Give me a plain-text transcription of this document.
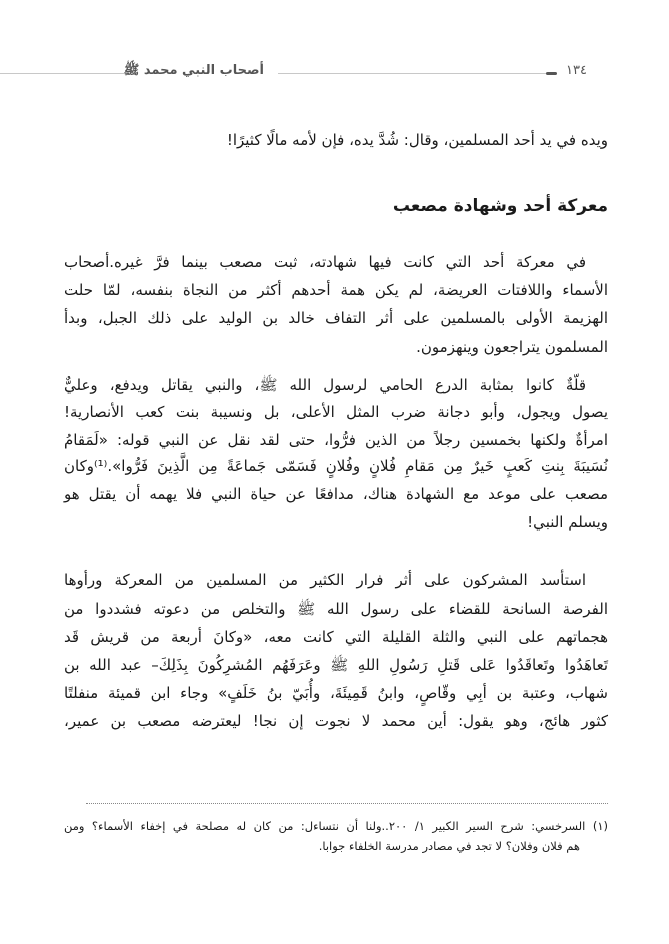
أصحاب النبي محمد ﷺ	١٣٤
ويده في يد أحد المسلمين، وقال: شُدَّ يده، فإن لأمه مالًا كثيرًا!
معركة أحد وشهادة مصعب
في معركة أحد التي كانت فيها شهادته، ثبت مصعب بينما فرَّ غيره.أصحاب
الأسماء واللافتات العريضة، لم يكن همة أحدهم أكثر من النجاة بنفسه، لمّا حلت
الهزيمة الأولى بالمسلمين على أثر التفاف خالد بن الوليد على ذلك الجبل، وبدأ
المسلمون يتراجعون وينهزمون.
قلّةٌ كانوا بمثابة الدرع الحامي لرسول الله ﷺ، والنبي يقاتل ويدفع، وعليٌّ
يصول ويجول، وأبو دجانة ضرب المثل الأعلى، بل ونسيبة بنت كعب الأنصارية!
امرأةٌ ولكنها بخمسين رجلاً من الذين فرُّوا، حتى لقد نقل عن النبي قوله: «لَمَقامُ
نُسَيبَةَ بِنتِ كَعبٍ خَيرٌ مِن مَقامِ فُلانٍ وفُلانٍ فَسَمّى جَماعَةً مِن الَّذِينَ فَرُّوا».⁽¹⁾وكان
مصعب على موعد مع الشهادة هناك، مدافعًا عن حياة النبي فلا يهمه أن يقتل هو
ويسلم النبي!
استأسد المشركون على أثر فرار الكثير من المسلمين من المعركة ورأوها
الفرصة السانحة للقضاء على رسول الله ﷺ والتخلص من دعوته فشددوا من
هجماتهم على النبي والثلة القليلة التي كانت معه، «وكانَ أربعة من قريش قَد
تَعاهَدُوا وتَعاقَدُوا عَلى قَتلِ رَسُولِ اللهِ ﷺ وعَرَفَهُم المُشرِكُونَ بِذَلِكَ– عبد الله بن
شهاب، وعتبة بن أبِي وقّاصٍ، وابنُ قَمِيئَةَ، وأُبَيّ بنُ خَلَفٍ» وجاء ابن قميئة منفلتًا
كثور هائج، وهو يقول: أين محمد لا نجوت إن نجا! ليعترضه مصعب بن عمير،
(١) السرخسي: شرح السير الكبير ١/ ٢٠٠..ولنا أن نتساءل: من كان له مصلحة في إخفاء الأسماء؟ ومن
هم فلان وفلان؟ لا تجد في مصادر مدرسة الخلفاء جوابا.
